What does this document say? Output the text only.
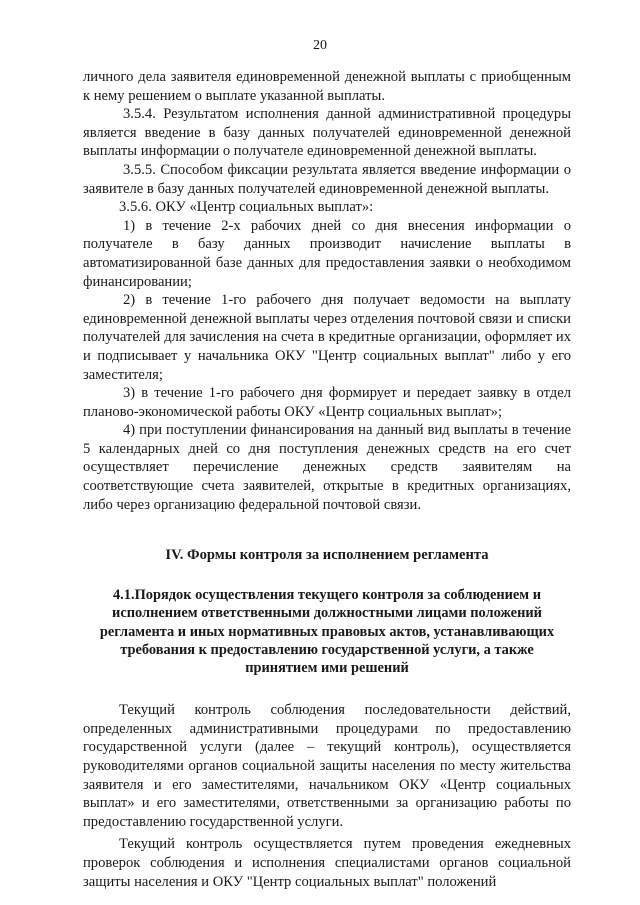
20

личного дела заявителя единовременной денежной выплаты с приобщенным к нему решением о выплате указанной выплаты.

3.5.4. Результатом исполнения данной административной процедуры является введение в базу данных получателей единовременной денежной выплаты информации о получателе единовременной денежной выплаты.

3.5.5. Способом фиксации результата является введение информации о заявителе в базу данных получателей единовременной денежной выплаты.

3.5.6. ОКУ «Центр социальных выплат»:

1) в течение 2-х рабочих дней со дня внесения информации о получателе в базу данных производит начисление выплаты в автоматизированной базе данных для предоставления заявки о необходимом финансировании;

2) в течение 1-го рабочего дня получает ведомости на выплату единовременной денежной выплаты через отделения почтовой связи и списки получателей для зачисления на счета в кредитные организации, оформляет их и подписывает у начальника ОКУ "Центр социальных выплат" либо у его заместителя;

3) в течение 1-го рабочего дня формирует и передает заявку в отдел планово-экономической работы ОКУ «Центр социальных выплат»;

4) при поступлении финансирования на данный вид выплаты в течение 5 календарных дней со дня поступления денежных средств на его счет осуществляет перечисление денежных средств заявителям на соответствующие счета заявителей, открытые в кредитных организациях, либо через организацию федеральной почтовой связи.

IV. Формы контроля за исполнением регламента

4.1.Порядок осуществления текущего контроля за соблюдением и исполнением ответственными должностными лицами положений регламента и иных нормативных правовых актов, устанавливающих требования к предоставлению государственной услуги, а также принятием ими решений

Текущий контроль соблюдения последовательности действий, определенных административными процедурами по предоставлению государственной услуги (далее – текущий контроль), осуществляется руководителями органов социальной защиты населения по месту жительства заявителя и его заместителями, начальником ОКУ «Центр социальных выплат» и его заместителями, ответственными за организацию работы по предоставлению государственной услуги.

Текущий контроль осуществляется путем проведения ежедневных проверок соблюдения и исполнения специалистами органов социальной защиты населения и ОКУ "Центр социальных выплат" положений
